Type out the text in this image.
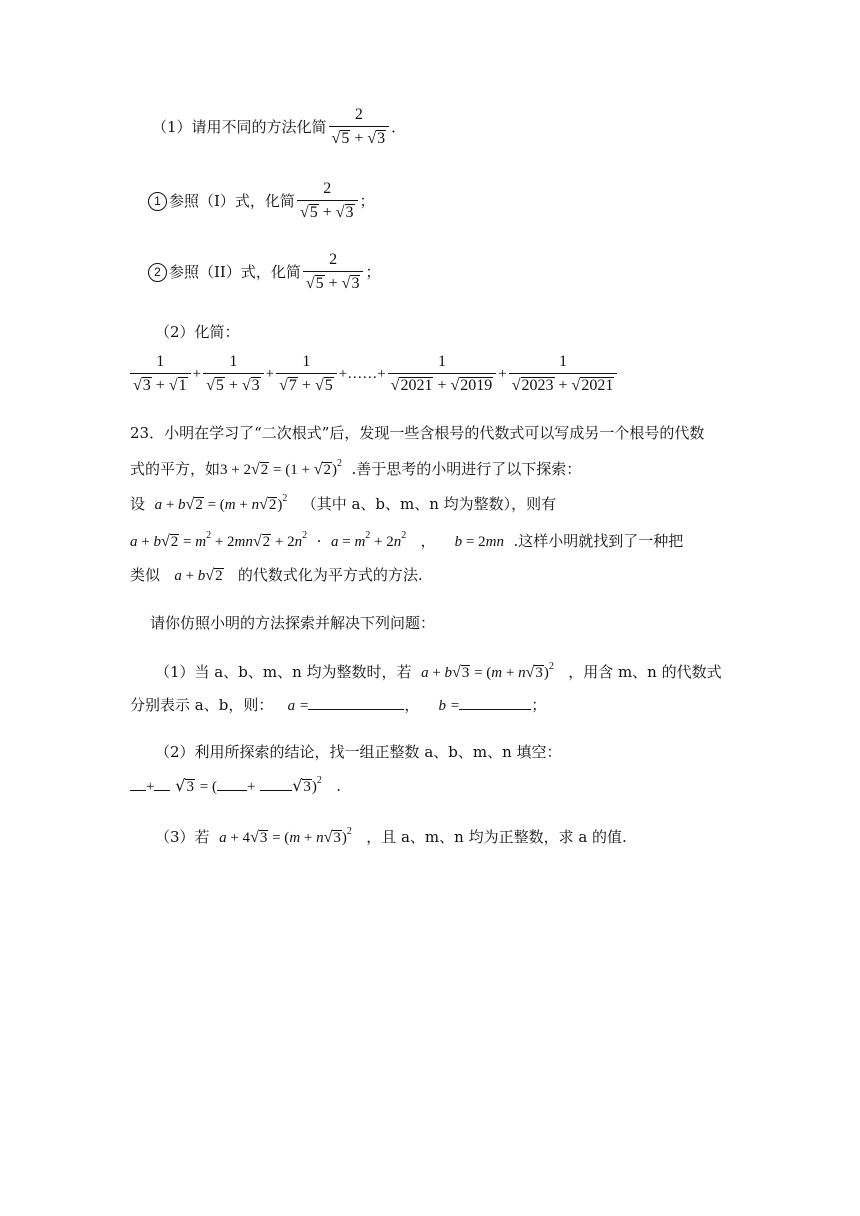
（1）请用不同的方法化简 $\frac{2}{√5 + √3}$ ．
1 参照（I）式，化简 $\frac{2}{√5 + √3}$ ；
2 参照（II）式，化简 $\frac{2}{√5 + √3}$ ；
（2）化简：
$\frac{1}{√3 + √1} + \frac{1}{√5 + √3} + \frac{1}{√7 + √5}$ +……+ $\frac{1}{√2021 + √2019} + \frac{1}{√2023 + √2021}$
23．小明在学习了“二次根式”后，发现一些含根号的代数式可以写成另一个根号的代数
式的平方，如$3 + 2√2 = (1 + √2)^2$ .善于思考的小明进行了以下探索：
设 $a + b√2 = (m + n√2)^2$ （其中 a、b、m、n 均为整数），则有
$a + b√2 = m^2 + 2mn√2 + 2n^2 \cdot a = m^2 + 2n^2$   ，    b = 2mn .这样小明就找到了一种把
类似 a + b√2 的代数式化为平方式的方法.
请你仿照小明的方法探索并解决下列问题：
（1）当 a、b、m、n 均为整数时，若 $a + b√3 = (m + n√3)^2$ ，用含 m、n 的代数式
分别表示 a、b，则： a =	， b =	；
（2）利用所探索的结论，找一组正整数 a、b、m、n 填空：
+ √3 = ( + √3)$^2$ .
（3）若 $a + 4√3 = (m + n√3)^2$ ，且 a、m、n 均为正整数，求 a 的值.
